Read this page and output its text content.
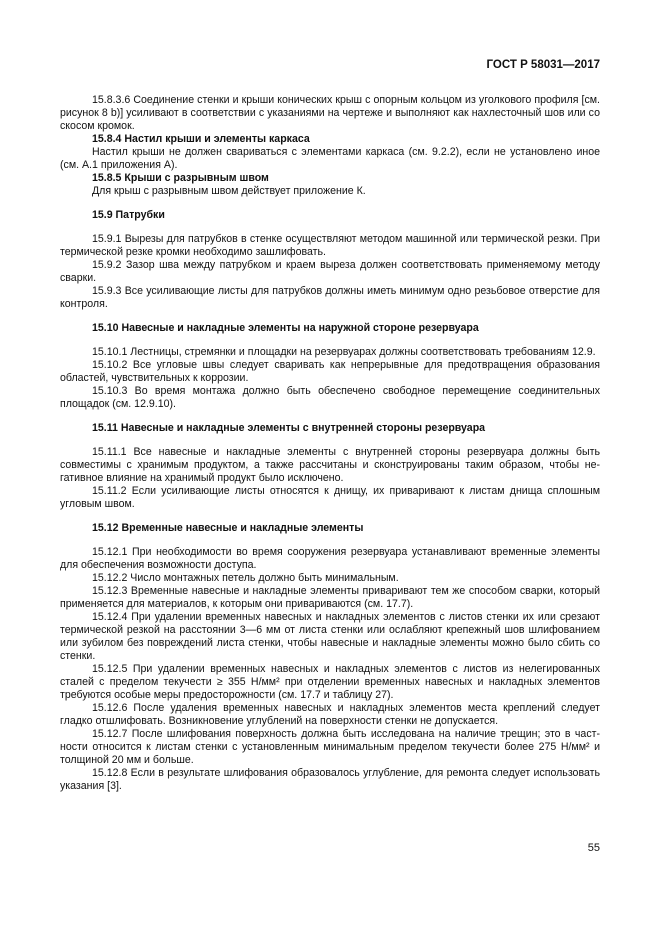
ГОСТ Р 58031—2017

15.8.3.6 Соединение стенки и крыши конических крыш с опорным кольцом из уголкового профиля [см. рисунок 8 b)] усиливают в соответствии с указаниями на чертеже и выполняют как нахлесточный шов или со скосом кромок.

15.8.4 Настил крыши и элементы каркаса

Настил крыши не должен свариваться с элементами каркаса (см. 9.2.2), если не установлено иное (см. А.1 приложения А).

15.8.5 Крыши с разрывным швом

Для крыш с разрывным швом действует приложение К.

15.9 Патрубки

15.9.1 Вырезы для патрубков в стенке осуществляют методом машинной или термической резки. При термической резке кромки необходимо зашлифовать.

15.9.2 Зазор шва между патрубком и краем выреза должен соответствовать применяемому методу сварки.

15.9.3 Все усиливающие листы для патрубков должны иметь минимум одно резьбовое отверстие для контроля.

15.10 Навесные и накладные элементы на наружной стороне резервуара

15.10.1 Лестницы, стремянки и площадки на резервуарах должны соответствовать требованиям 12.9.

15.10.2 Все угловые швы следует сваривать как непрерывные для предотвращения образования областей, чувствительных к коррозии.

15.10.3 Во время монтажа должно быть обеспечено свободное перемещение соединительных площадок (см. 12.9.10).

15.11 Навесные и накладные элементы с внутренней стороны резервуара

15.11.1 Все навесные и накладные элементы с внутренней стороны резервуара должны быть совместимы с хранимым продуктом, а также рассчитаны и сконструированы таким образом, чтобы негативное влияние на хранимый продукт было исключено.

15.11.2 Если усиливающие листы относятся к днищу, их приваривают к листам днища сплошным угловым швом.

15.12 Временные навесные и накладные элементы

15.12.1 При необходимости во время сооружения резервуара устанавливают временные элементы для обеспечения возможности доступа.

15.12.2 Число монтажных петель должно быть минимальным.

15.12.3 Временные навесные и накладные элементы приваривают тем же способом сварки, который применяется для материалов, к которым они привариваются (см. 17.7).

15.12.4 При удалении временных навесных и накладных элементов с листов стенки их или срезают термической резкой на расстоянии 3—6 мм от листа стенки или ослабляют крепежный шов шлифованием или зубилом без повреждений листа стенки, чтобы навесные и накладные элементы можно было сбить со стенки.

15.12.5 При удалении временных навесных и накладных элементов с листов из нелегированных сталей с пределом текучести ≥ 355 Н/мм² при отделении временных навесных и накладных элементов требуются особые меры предосторожности (см. 17.7 и таблицу 27).

15.12.6 После удаления временных навесных и накладных элементов места креплений следует гладко отшлифовать. Возникновение углублений на поверхности стенки не допускается.

15.12.7 После шлифования поверхность должна быть исследована на наличие трещин; это в частности относится к листам стенки с установленным минимальным пределом текучести более 275 Н/мм² и толщиной 20 мм и больше.

15.12.8 Если в результате шлифования образовалось углубление, для ремонта следует использовать указания [3].

55
